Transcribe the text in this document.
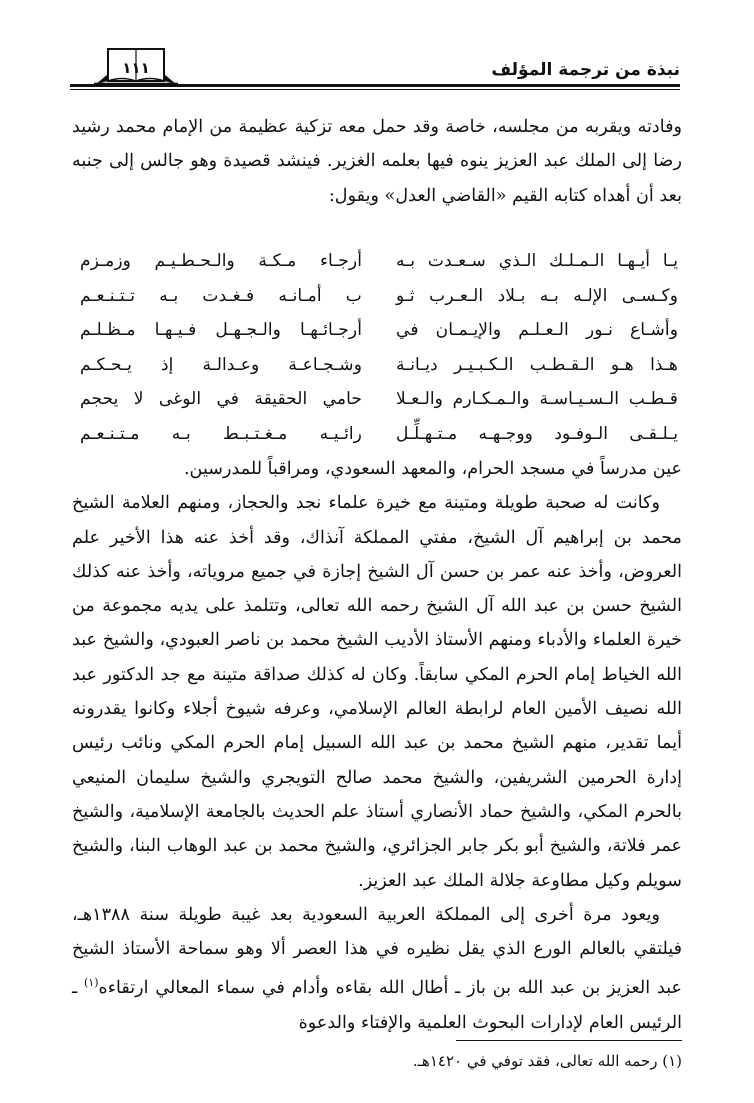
١١١	نبذة من ترجمة المؤلف

وفادته ويقربه من مجلسه، خاصة وقد حمل معه تزكية عظيمة من الإمام محمد رشيد رضا إلى الملك عبد العزيز ينوه فيها بعلمه الغزير. فينشد قصيدة وهو جالس إلى جنبه بعد أن أهداه كتابه القيم «القاضي العدل» ويقول:

يـا أيـهـا الـمـلـك الـذي سـعـدت بـه
أرجـاء مـكـة والـحـطـيـم وزمـزم
وكـسـى الإلـه بـه بـلاد الـعـرب ثـو
ب أمـانـه فـغـدت بـه تـتـنـعـم
وأشـاع نـور الـعـلـم والإيـمـان في
أرجـائـهـا والـجـهـل فـيـهـا مـظـلـم
هـذا هـو الـقـطـب الـكـبـيـر ديـانـة
وشـجـاعـة وعـدالـة إذ يـحـكـم
قـطـب الـسـيـاسـة والـمـكـارم والـعـلا
حامي الحقيقة في الوغى لا يحجم
يـلـقـى الـوفـود ووجـهـه مـتـهـلِّـل
رائـيـه مـغـتـبـط بـه مـتـنـعـم

عين مدرساً في مسجد الحرام، والمعهد السعودي، ومراقباً للمدرسين.

وكانت له صحبة طويلة ومتينة مع خيرة علماء نجد والحجاز، ومنهم العلامة الشيخ محمد بن إبراهيم آل الشيخ، مفتي المملكة آنذاك، وقد أخذ عنه هذا الأخير علم العروض، وأخذ عنه عمر بن حسن آل الشيخ إجازة في جميع مروياته، وأخذ عنه كذلك الشيخ حسن بن عبد الله آل الشيخ رحمه الله تعالى، وتتلمذ على يديه مجموعة من خيرة العلماء والأدباء ومنهم الأستاذ الأديب الشيخ محمد بن ناصر العبودي، والشيخ عبد الله الخياط إمام الحرم المكي سابقاً. وكان له كذلك صداقة متينة مع جد الدكتور عبد الله نصيف الأمين العام لرابطة العالم الإسلامي، وعرفه شيوخ أجلاء وكانوا يقدرونه أيما تقدير، منهم الشيخ محمد بن عبد الله السبيل إمام الحرم المكي ونائب رئيس إدارة الحرمين الشريفين، والشيخ محمد صالح التويجري والشيخ سليمان المنيعي بالحرم المكي، والشيخ حماد الأنصاري أستاذ علم الحديث بالجامعة الإسلامية، والشيخ عمر فلاتة، والشيخ أبو بكر جابر الجزائري، والشيخ محمد بن عبد الوهاب البنا، والشيخ سويلم وكيل مطاوعة جلالة الملك عبد العزيز.

ويعود مرة أخرى إلى المملكة العربية السعودية بعد غيبة طويلة سنة ١٣٨٨هـ، فيلتقي بالعالم الورع الذي يقل نظيره في هذا العصر ألا وهو سماحة الأستاذ الشيخ عبد العزيز بن عبد الله بن باز ـ أطال الله بقاءه وأدام في سماء المعالي ارتقاءه$^{(١)}$ ـ الرئيس العام لإدارات البحوث العلمية والإفتاء والدعوة

(١) رحمه الله تعالى، فقد توفي في ١٤٢٠هـ.
